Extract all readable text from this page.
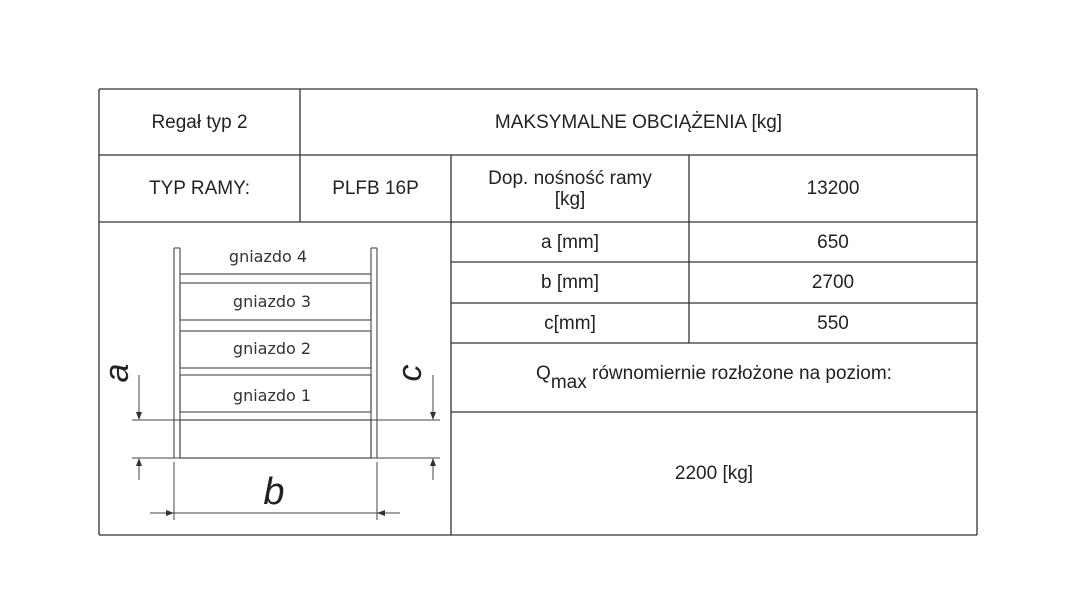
Regał typ 2	MAKSYMALNE OBCIĄŻENIA [kg]
TYP RAMY:	PLFB 16P	Dop. nośność ramy [kg]	13200
a [mm]	650
b [mm]	2700
c[mm]	550
$Q_{max}$ równomiernie rozłożone na poziom:
2200 [kg]
gniazdo 4
gniazdo 3
gniazdo 2
gniazdo 1
a	c
b
